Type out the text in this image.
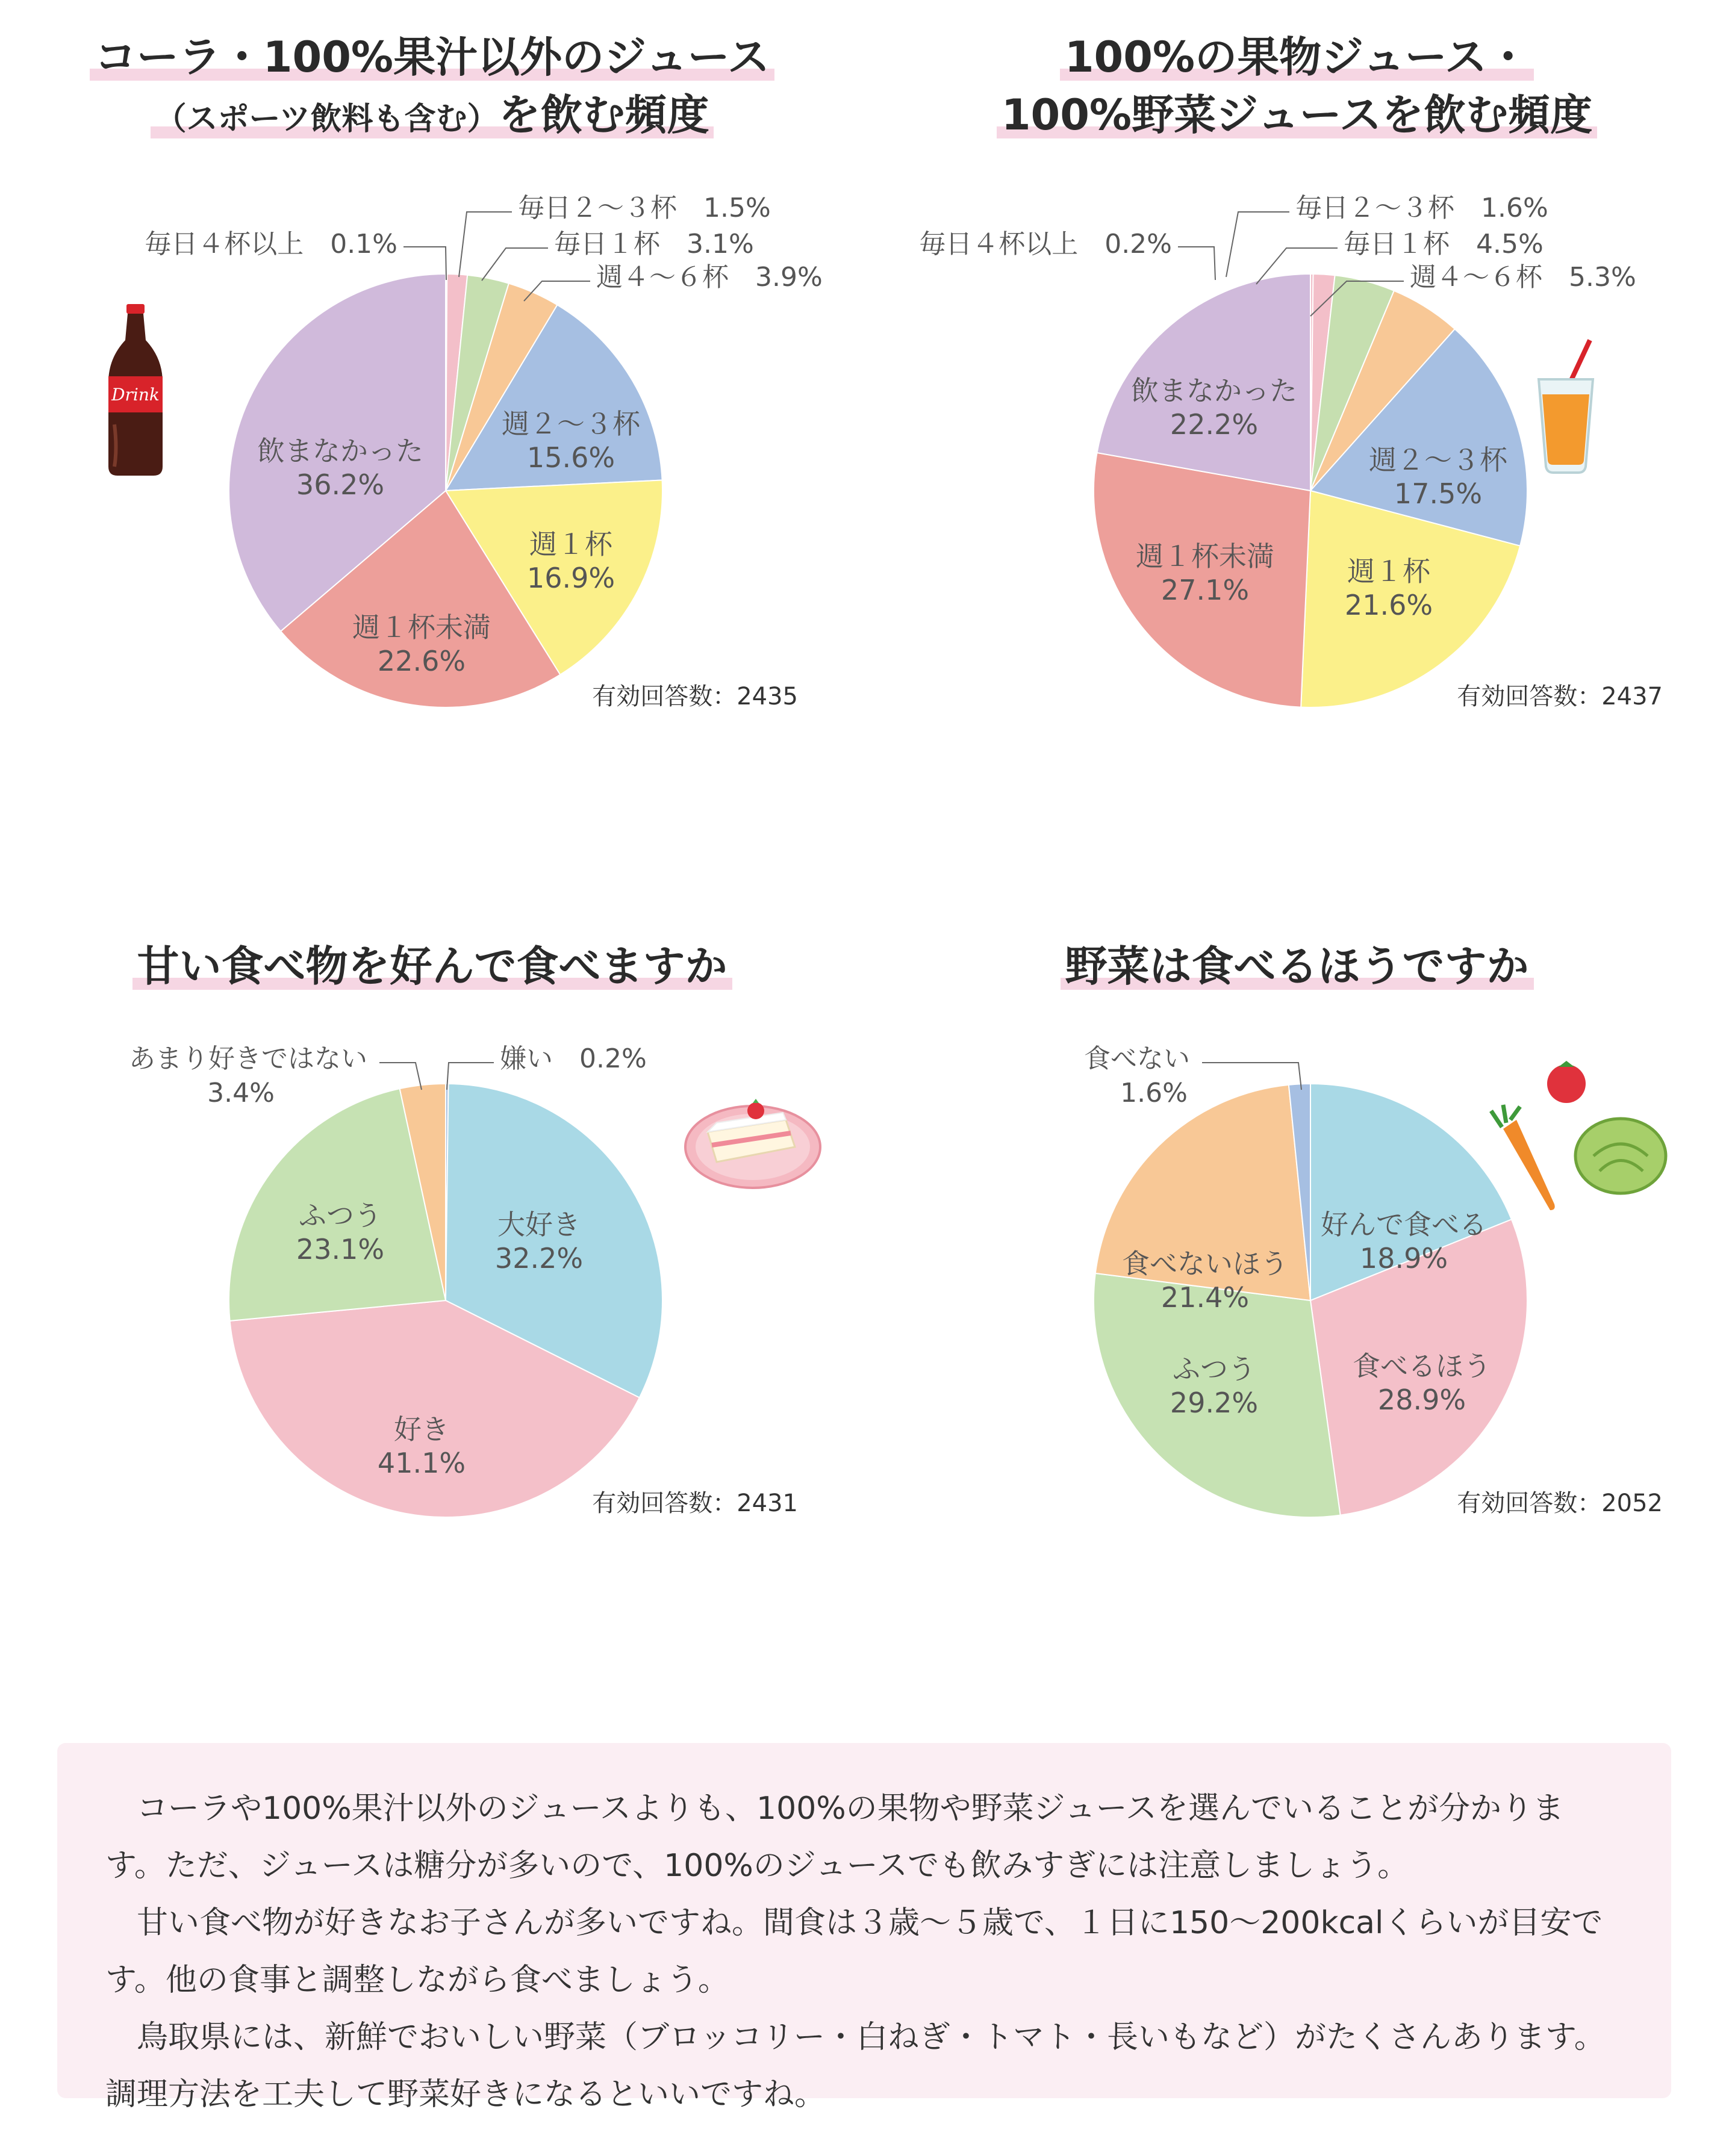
コーラ・100%果汁以外のジュース
（スポーツ飲料も含む）を飲む頻度
毎日４杯以上　0.1%
毎日２～３杯　1.5%
毎日１杯　3.1%
週４～６杯　3.9%
週２～３杯
15.6%
週１杯
16.9%
週１杯未満
22.6%
飲まなかった
36.2%
有効回答数：2435
Drink
100%の果物ジュース・
100%野菜ジュースを飲む頻度
毎日４杯以上　0.2%
毎日２～３杯　1.6%
毎日１杯　4.5%
週４～６杯　5.3%
週２～３杯
17.5%
週１杯
21.6%
週１杯未満
27.1%
飲まなかった
22.2%
有効回答数：2437
甘い食べ物を好んで食べますか
嫌い　0.2%
大好き
32.2%
好き
41.1%
ふつう
23.1%
あまり好きではない
3.4%
有効回答数：2431
野菜は食べるほうですか
好んで食べる
18.9%
食べるほう
28.9%
ふつう
29.2%
食べないほう
21.4%
食べない
1.6%
有効回答数：2052

コーラや100%果汁以外のジュースよりも、100%の果物や野菜ジュースを選んでいることが分かります。ただ、ジュースは糖分が多いので、100%のジュースでも飲みすぎには注意しましょう。

甘い食べ物が好きなお子さんが多いですね。間食は３歳～５歳で、１日に150～200kcalくらいが目安です。他の食事と調整しながら食べましょう。

鳥取県には、新鮮でおいしい野菜（ブロッコリー・白ねぎ・トマト・長いもなど）がたくさんあります。調理方法を工夫して野菜好きになるといいですね。
